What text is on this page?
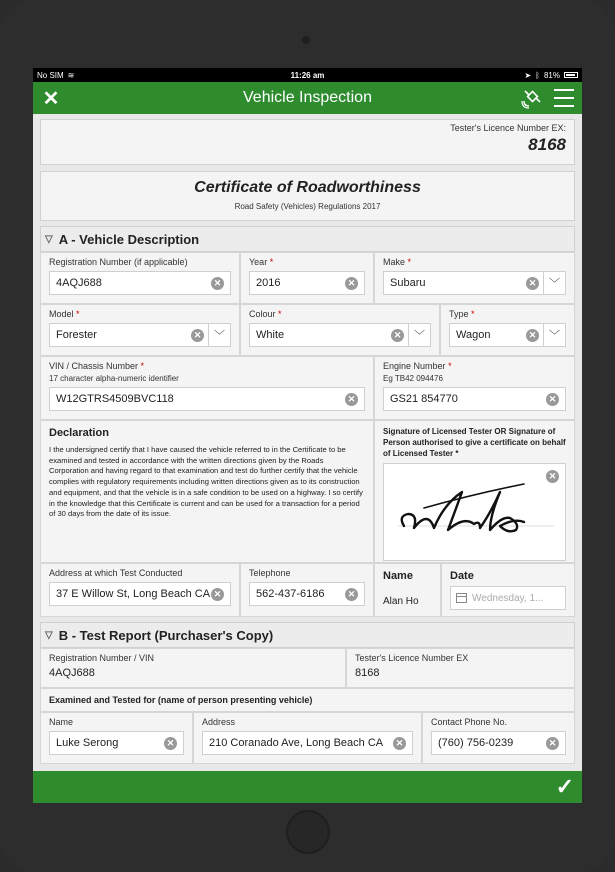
No SIM ≋	11:26 am	➤ ᛒ 81%
✕	Vehicle Inspection
Tester's Licence Number EX:
8168
Certificate of Roadworthiness
Road Safety (Vehicles) Regulations 2017
▽ A - Vehicle Description
Registration Number (if applicable)
4AQJ688	✕
Year *
2016	✕
Make *
Subaru	✕	﹀
Model *
Forester	✕	﹀
Colour *
White	✕	﹀
Type *
Wagon	✕	﹀
VIN / Chassis Number *
17 character alpha-numeric identifier
W12GTRS4509BVC118	✕
Engine Number *
Eg TB42 094476
GS21 854770	✕
Declaration
I the undersigned certify that I have caused the vehicle referred to in the Certificate to be examined and tested in accordance with the written directions given by the Roads Corporation and having regard to that examination and test do further certify that the vehicle complies with regulatory requirements including written directions given as to its construction and equipment, and that the vehicle is in a safe condition to be used on a highway. I so certify in the knowledge that this Certificate is current and can be used for a transaction for a period of 30 days from the date of its issue.
Signature of Licensed Tester OR Signature of Person authorised to give a certificate on behalf of Licensed Tester *
✕
Address at which Test Conducted
37 E Willow St, Long Beach CA ✕
Telephone
562-437-6186	✕
Name
Alan Ho
Date
Wednesday, 1...
▽ B - Test Report (Purchaser's Copy)
Registration Number / VIN
4AQJ688
Tester's Licence Number EX
8168
Examined and Tested for (name of person presenting vehicle)
Name
Luke Serong	✕
Address
210 Coranado Ave, Long Beach CA	✕
Contact Phone No.
(760) 756-0239	✕
✓
